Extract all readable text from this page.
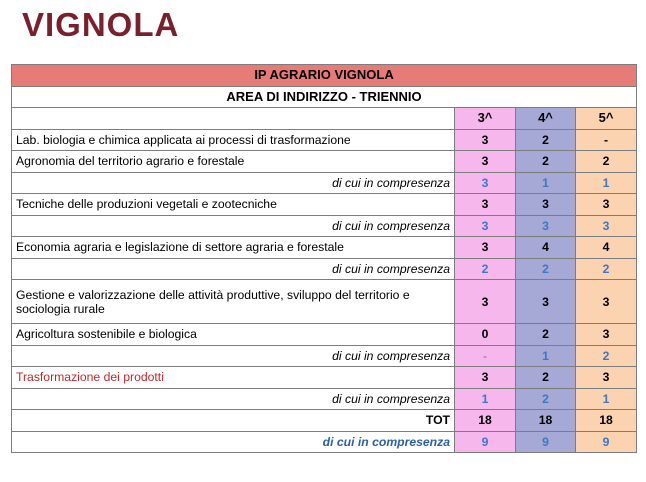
VIGNOLA
IP AGRARIO VIGNOLA			
AREA DI INDIRIZZO - TRIENNIO			
	3^	4^	5^
Lab. biologia e chimica applicata ai processi di trasformazione	3	2	-
Agronomia del territorio agrario e forestale	3	2	2
di cui in compresenza	3	1	1
Tecniche delle produzioni vegetali e zootecniche	3	3	3
di cui in compresenza	3	3	3
Economia agraria e legislazione di settore agraria e forestale	3	4	4
di cui in compresenza	2	2	2
Gestione e valorizzazione delle attività produttive, sviluppo del territorio e sociologia rurale	3	3	3
Agricoltura sostenibile e biologica	0	2	3
di cui in compresenza	-	1	2
Trasformazione dei prodotti	3	2	3
di cui in compresenza	1	2	1
TOT	18	18	18
di cui in compresenza	9	9	9
